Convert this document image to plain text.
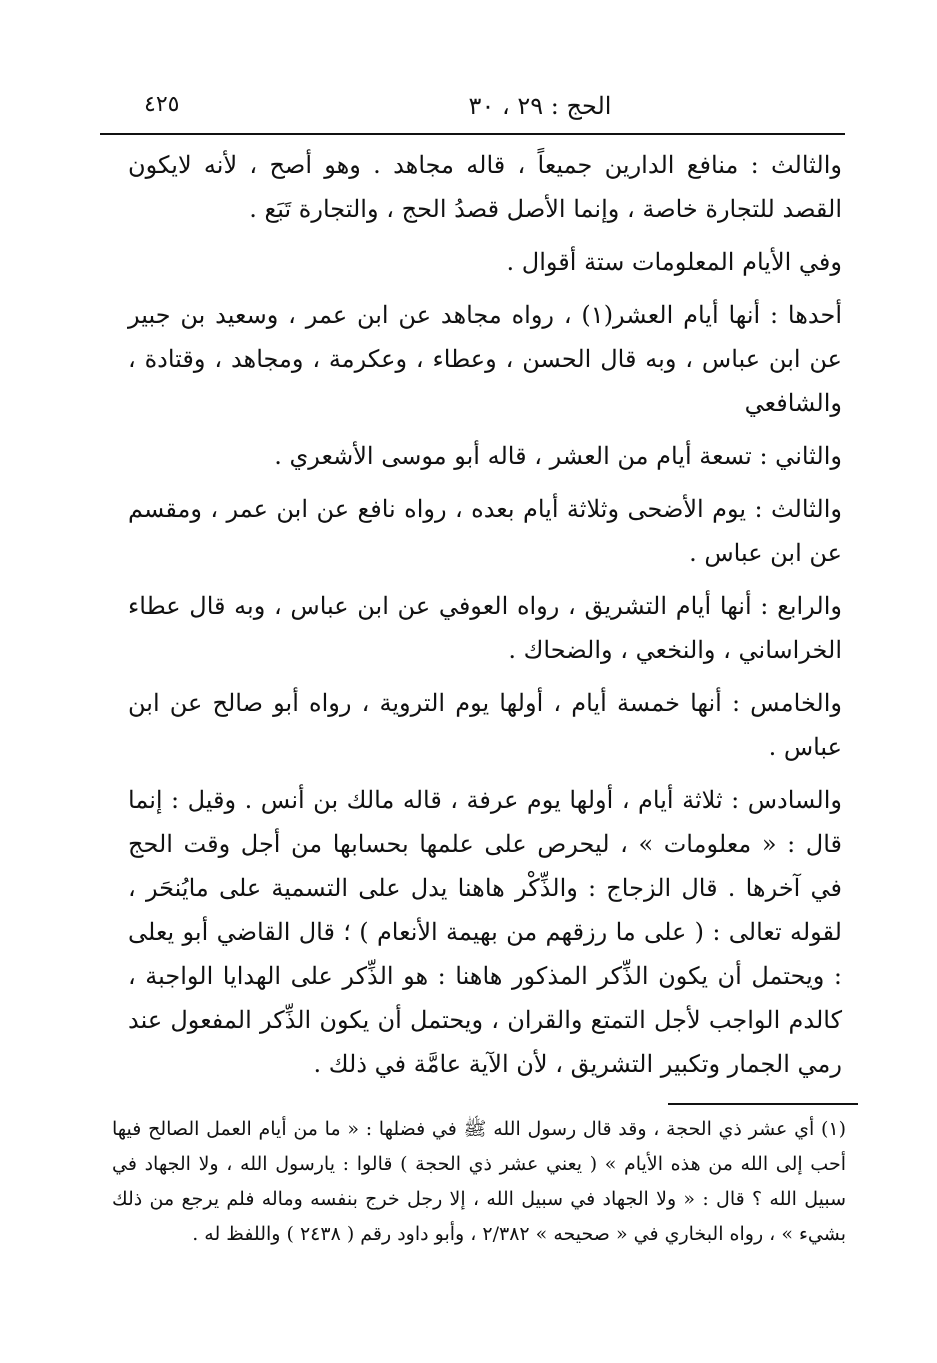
٤٢٥	الحج : ٢٩ ، ٣٠

والثالث : منافع الدارين جميعاً ، قاله مجاهد . وهو أصح ، لأنه لايكون القصد للتجارة خاصة ، وإنما الأصل قصدُ الحج ، والتجارة تَبَع .

وفي الأيام المعلومات ستة أقوال .

أحدها : أنها أيام العشر(١) ، رواه مجاهد عن ابن عمر ، وسعيد بن جبير عن ابن عباس ، وبه قال الحسن ، وعطاء ، وعكرمة ، ومجاهد ، وقتادة ، والشافعي

والثاني : تسعة أيام من العشر ، قاله أبو موسى الأشعري .

والثالث : يوم الأضحى وثلاثة أيام بعده ، رواه نافع عن ابن عمر ، ومقسم عن ابن عباس .

والرابع : أنها أيام التشريق ، رواه العوفي عن ابن عباس ، وبه قال عطاء الخراساني ، والنخعي ، والضحاك .

والخامس : أنها خمسة أيام ، أولها يوم التروية ، رواه أبو صالح عن ابن عباس .

والسادس : ثلاثة أيام ، أولها يوم عرفة ، قاله مالك بن أنس . وقيل : إنما قال : « معلومات » ، ليحرص على علمها بحسابها من أجل وقت الحج في آخرها . قال الزجاج : والذِّكْر هاهنا يدل على التسمية على مايُنحَر ، لقوله تعالى : ( على ما رزقهم من بهيمة الأنعام ) ؛ قال القاضي أبو يعلى : ويحتمل أن يكون الذِّكر المذكور هاهنا : هو الذِّكر على الهدايا الواجبة ، كالدم الواجب لأجل التمتع والقران ، ويحتمل أن يكون الذِّكر المفعول عند رمي الجمار وتكبير التشريق ، لأن الآية عامَّة في ذلك .

(١) أي عشر ذي الحجة ، وقد قال رسول الله ﷺ في فضلها : « ما من أيام العمل الصالح فيها أحب إلى الله من هذه الأيام » ( يعني عشر ذي الحجة ) قالوا : يارسول الله ، ولا الجهاد في سبيل الله ؟ قال : « ولا الجهاد في سبيل الله ، إلا رجل خرج بنفسه وماله فلم يرجع من ذلك بشيء » ، رواه البخاري في « صحيحه » ٢/٣٨٢ ، وأبو داود رقم ( ٢٤٣٨ ) واللفظ له .
